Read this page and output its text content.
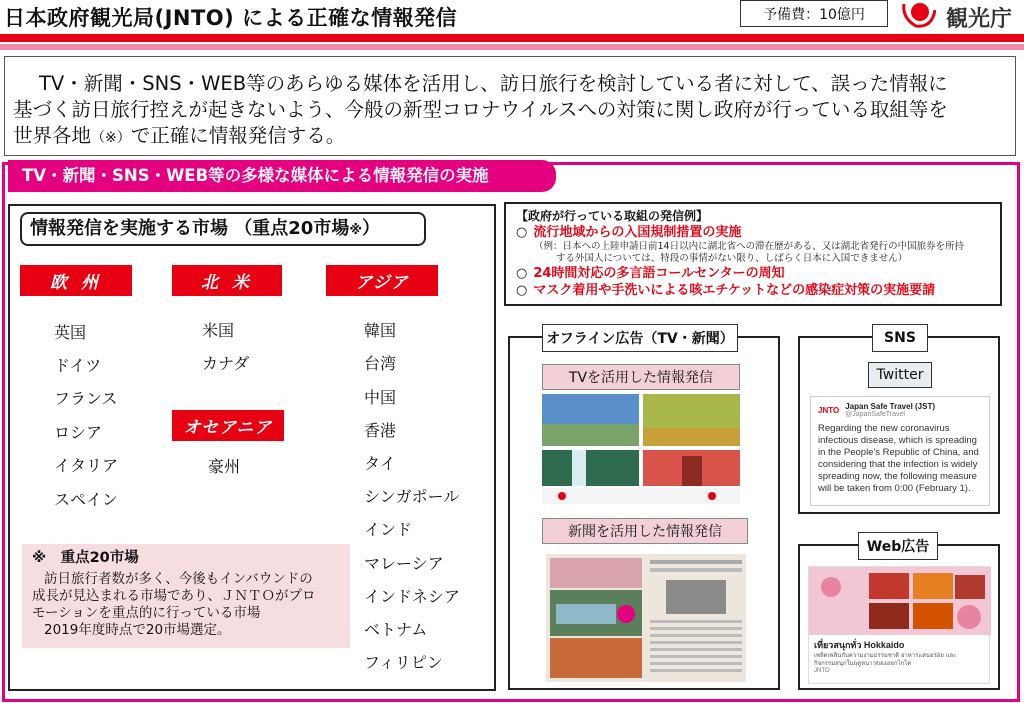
日本政府観光局(JNTO) による正確な情報発信	予備費：10億円	観光庁
TV・新聞・SNS・WEB等のあらゆる媒体を活用し、訪日旅行を検討している者に対して、誤った情報に
基づく訪日旅行控えが起きないよう、今般の新型コロナウイルスへの対策に関し政府が行っている取組等を
世界各地（※）で正確に情報発信する。
TV・新聞・SNS・WEB等の多様な媒体による情報発信の実施
情報発信を実施する市場 （重点20市場※）
欧 州	北 米	アジア
オセアニア
英国
ドイツ
フランス
ロシア
イタリア
スペイン
米国
カナダ
豪州
韓国
台湾
中国
香港
タイ
シンガポール
インド
マレーシア
インドネシア
ベトナム
フィリピン
※　重点20市場
訪日旅行者数が多く、今後もインバウンドの
成長が見込まれる市場であり、ＪＮＴＯがプロ
モーションを重点的に行っている市場
2019年度時点で20市場選定。
【政府が行っている取組の発信例】
○ 流行地域からの入国規制措置の実施
（例：日本への上陸申請日前14日以内に湖北省への滞在歴がある、又は湖北省発行の中国旅券を所持
する外国人については、特段の事情がない限り、しばらく日本に入国できません）
○ 24時間対応の多言語コールセンターの周知
○ マスク着用や手洗いによる咳エチケットなどの感染症対策の実施要請
オフライン広告（TV・新聞）
TVを活用した情報発信
新聞を活用した情報発信
SNS
Twitter
JNTO Japan Safe Travel (JST)
@JapanSafeTravel
Regarding the new coronavirus infectious disease, which is spreading in the People's Republic of China, and considering that the infection is widely spreading now, the following measure will be taken from 0:00 (February 1).
Web広告
เที่ยวสนุกทั่ว Hokkaido
เพลิดเพลินกับความงามธรรมชาติ อาหารแสนอร่อย และ
กิจกรรมสนุกในฤดูหนาวของฮอกไกโด
JNTO
